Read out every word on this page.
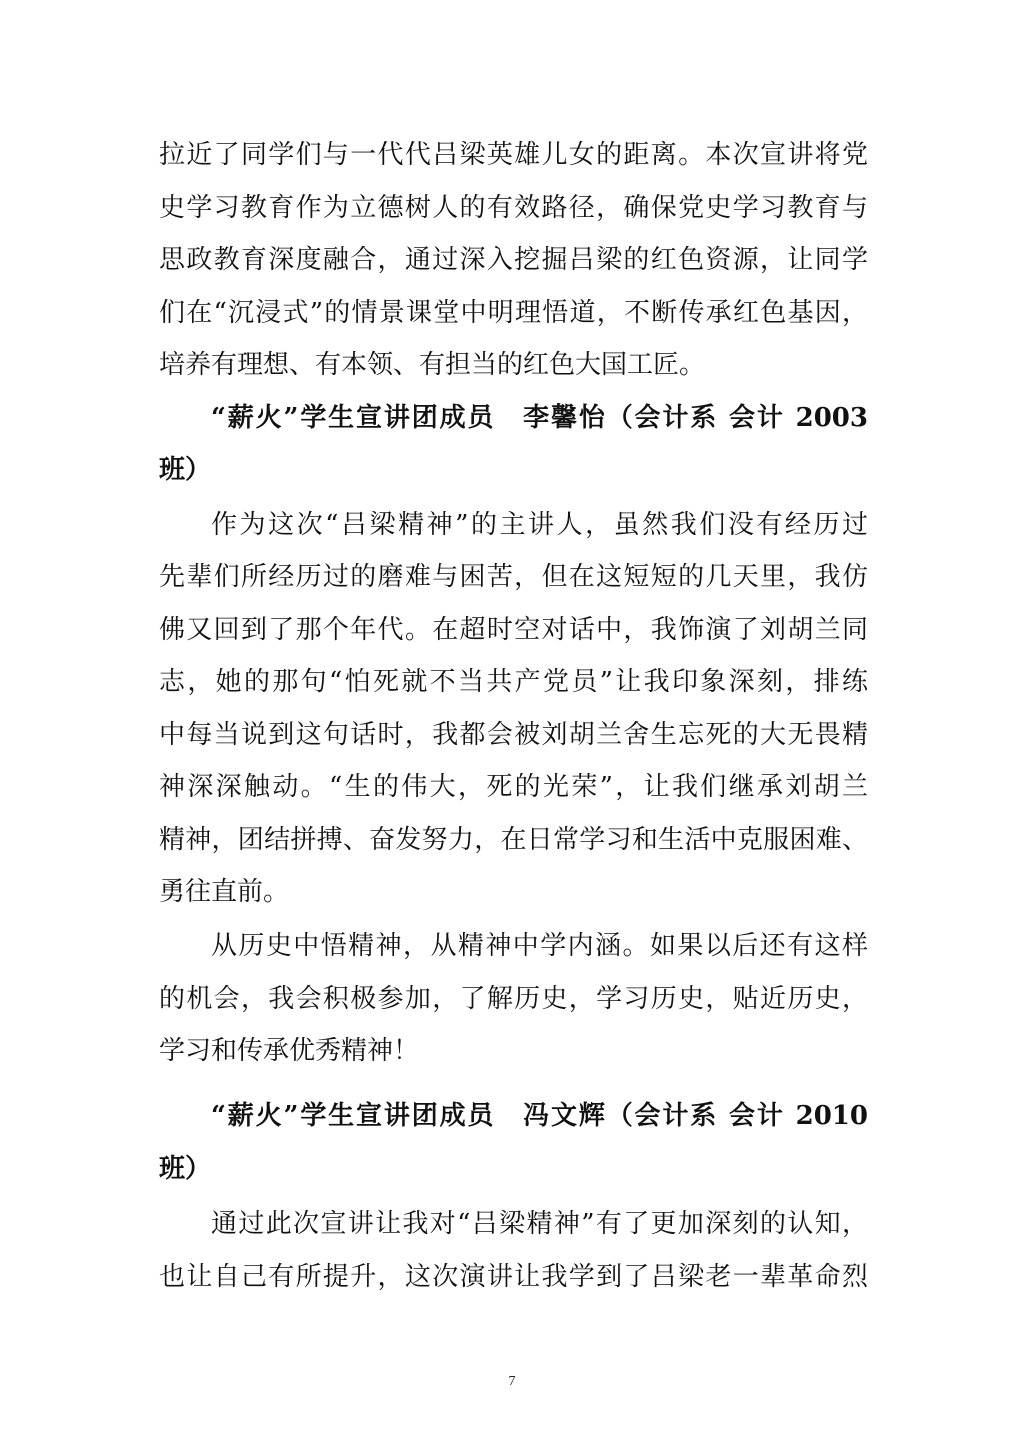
拉近了同学们与一代代吕梁英雄儿女的距离。本次宣讲将党
史学习教育作为立德树人的有效路径，确保党史学习教育与
思政教育深度融合，通过深入挖掘吕梁的红色资源，让同学
们在“沉浸式”的情景课堂中明理悟道，不断传承红色基因，
培养有理想、有本领、有担当的红色大国工匠。
“薪火”学生宣讲团成员　李馨怡（会计系 会计 2003
班）
作为这次“吕梁精神”的主讲人，虽然我们没有经历过
先辈们所经历过的磨难与困苦，但在这短短的几天里，我仿
佛又回到了那个年代。在超时空对话中，我饰演了刘胡兰同
志，她的那句“怕死就不当共产党员”让我印象深刻，排练
中每当说到这句话时，我都会被刘胡兰舍生忘死的大无畏精
神深深触动。“生的伟大，死的光荣”，让我们继承刘胡兰
精神，团结拼搏、奋发努力，在日常学习和生活中克服困难、
勇往直前。
从历史中悟精神，从精神中学内涵。如果以后还有这样
的机会，我会积极参加，了解历史，学习历史，贴近历史，
学习和传承优秀精神！
“薪火”学生宣讲团成员　冯文辉（会计系 会计 2010
班）
通过此次宣讲让我对“吕梁精神”有了更加深刻的认知，
也让自己有所提升，这次演讲让我学到了吕梁老一辈革命烈
7
